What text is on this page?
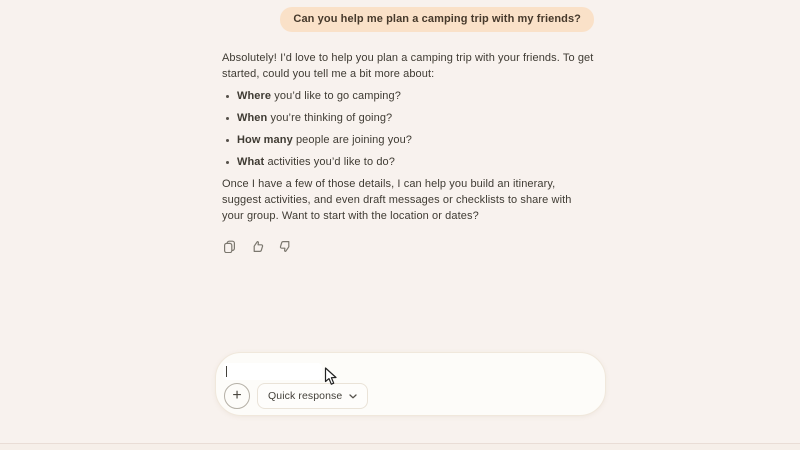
Can you help me plan a camping trip with my friends?

Absolutely! I’d love to help you plan a camping trip with your friends. To get started, could you tell me a bit more about:

Where you’d like to go camping?
When you’re thinking of going?
How many people are joining you?
What activities you’d like to do?

Once I have a few of those details, I can help you build an itinerary, suggest activities, and even draft messages or checklists to share with your group. Want to start with the location or dates?

+	Quick response
